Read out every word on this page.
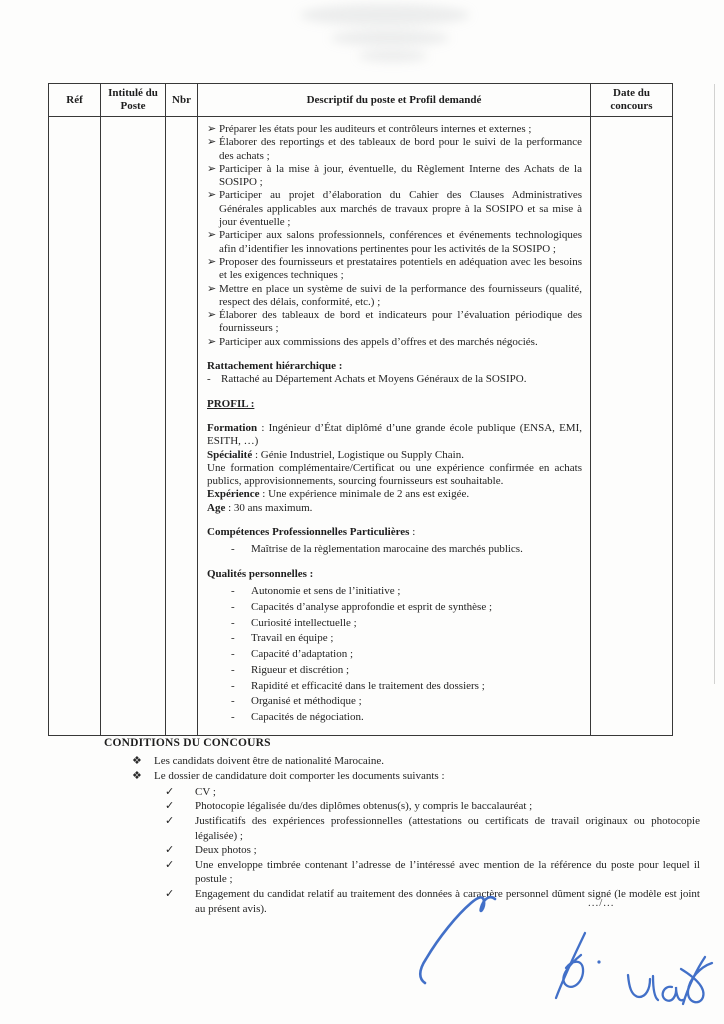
Réf	Intitulé du Poste	Nbr	Descriptif du poste et Profil demandé	Date du concours

➢ Préparer les états pour les auditeurs et contrôleurs internes et externes ;
➢ Élaborer des reportings et des tableaux de bord pour le suivi de la performance des achats ;
➢ Participer à la mise à jour, éventuelle, du Règlement Interne des Achats de la SOSIPO ;
➢ Participer au projet d’élaboration du Cahier des Clauses Administratives Générales applicables aux marchés de travaux propre à la SOSIPO et sa mise à jour éventuelle ;
➢ Participer aux salons professionnels, conférences et événements technologiques afin d’identifier les innovations pertinentes pour les activités de la SOSIPO ;
➢ Proposer des fournisseurs et prestataires potentiels en adéquation avec les besoins et les exigences techniques ;
➢ Mettre en place un système de suivi de la performance des fournisseurs (qualité, respect des délais, conformité, etc.) ;
➢ Élaborer des tableaux de bord et indicateurs pour l’évaluation périodique des fournisseurs ;
➢ Participer aux commissions des appels d’offres et des marchés négociés.

Rattachement hiérarchique :

- Rattaché au Département Achats et Moyens Généraux de la SOSIPO.

PROFIL :

Formation : Ingénieur d’État diplômé d’une grande école publique (ENSA, EMI, ESITH, …)

Spécialité : Génie Industriel, Logistique ou Supply Chain.

Une formation complémentaire/Certificat ou une expérience confirmée en achats publics, approvisionnements, sourcing fournisseurs est souhaitable.

Expérience : Une expérience minimale de 2 ans est exigée.

Age : 30 ans maximum.

Compétences Professionnelles Particulières :

- Maîtrise de la règlementation marocaine des marchés publics.

Qualités personnelles :

- Autonomie et sens de l’initiative ;
- Capacités d’analyse approfondie et esprit de synthèse ;
- Curiosité intellectuelle ;
- Travail en équipe ;
- Capacité d’adaptation ;
- Rigueur et discrétion ;
- Rapidité et efficacité dans le traitement des dossiers ;
- Organisé et méthodique ;
- Capacités de négociation.

CONDITIONS DU CONCOURS

❖ Les candidats doivent être de nationalité Marocaine.

❖ Le dossier de candidature doit comporter les documents suivants :

✓ CV ;
✓ Photocopie légalisée du/des diplômes obtenus(s), y compris le baccalauréat ;
✓ Justificatifs des expériences professionnelles (attestations ou certificats de travail originaux ou photocopie légalisée) ;
✓ Deux photos ;
✓ Une enveloppe timbrée contenant l’adresse de l’intéressé avec mention de la référence du poste pour lequel il postule ;
✓ Engagement du candidat relatif au traitement des données à caractère personnel dûment signé (le modèle est joint au présent avis).	.../...
